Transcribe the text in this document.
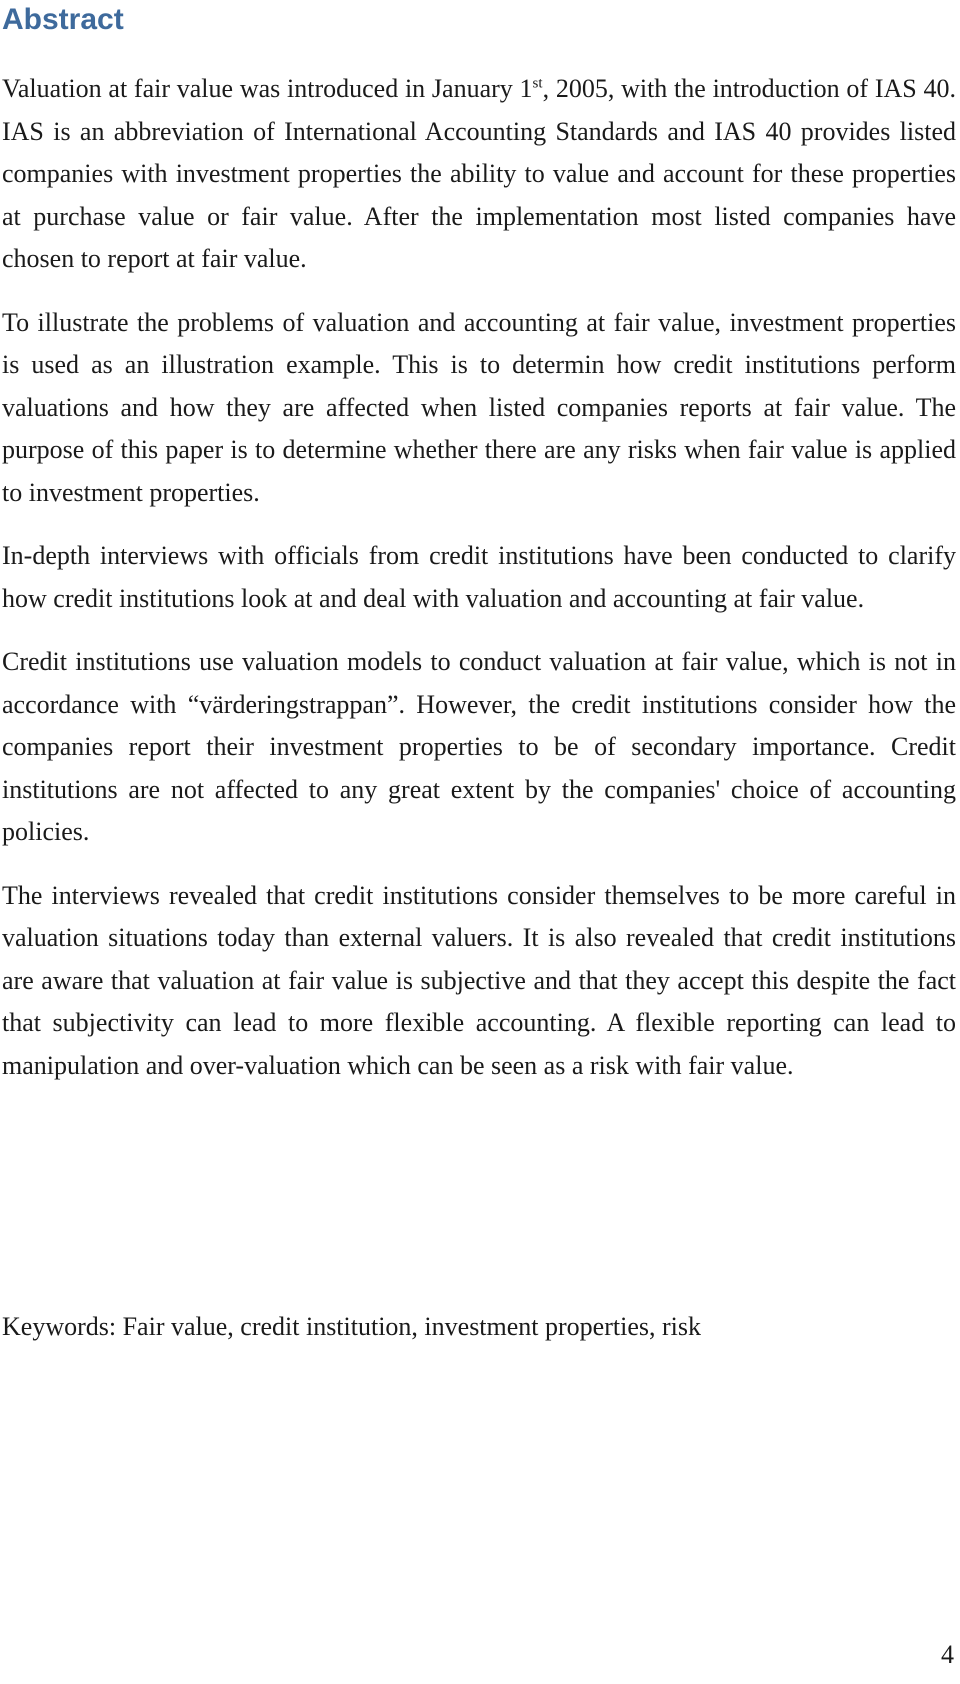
Abstract

Valuation at fair value was introduced in January 1st, 2005, with the introduction of IAS 40. IAS is an abbreviation of International Accounting Standards and IAS 40 provides listed companies with investment properties the ability to value and account for these properties at purchase value or fair value. After the implementation most listed companies have chosen to report at fair value.

To illustrate the problems of valuation and accounting at fair value, investment properties is used as an illustration example. This is to determin how credit institutions perform valuations and how they are affected when listed companies reports at fair value. The purpose of this paper is to determine whether there are any risks when fair value is applied to investment properties.

In-depth interviews with officials from credit institutions have been conducted to clarify how credit institutions look at and deal with valuation and accounting at fair value.

Credit institutions use valuation models to conduct valuation at fair value, which is not in accordance with “värderingstrappan”. However, the credit institutions consider how the companies report their investment properties to be of secondary importance. Credit institutions are not affected to any great extent by the companies' choice of accounting policies.

The interviews revealed that credit institutions consider themselves to be more careful in valuation situations today than external valuers. It is also revealed that credit institutions are aware that valuation at fair value is subjective and that they accept this despite the fact that subjectivity can lead to more flexible accounting. A flexible reporting can lead to manipulation and over-valuation which can be seen as a risk with fair value.

Keywords: Fair value, credit institution, investment properties, risk

4
